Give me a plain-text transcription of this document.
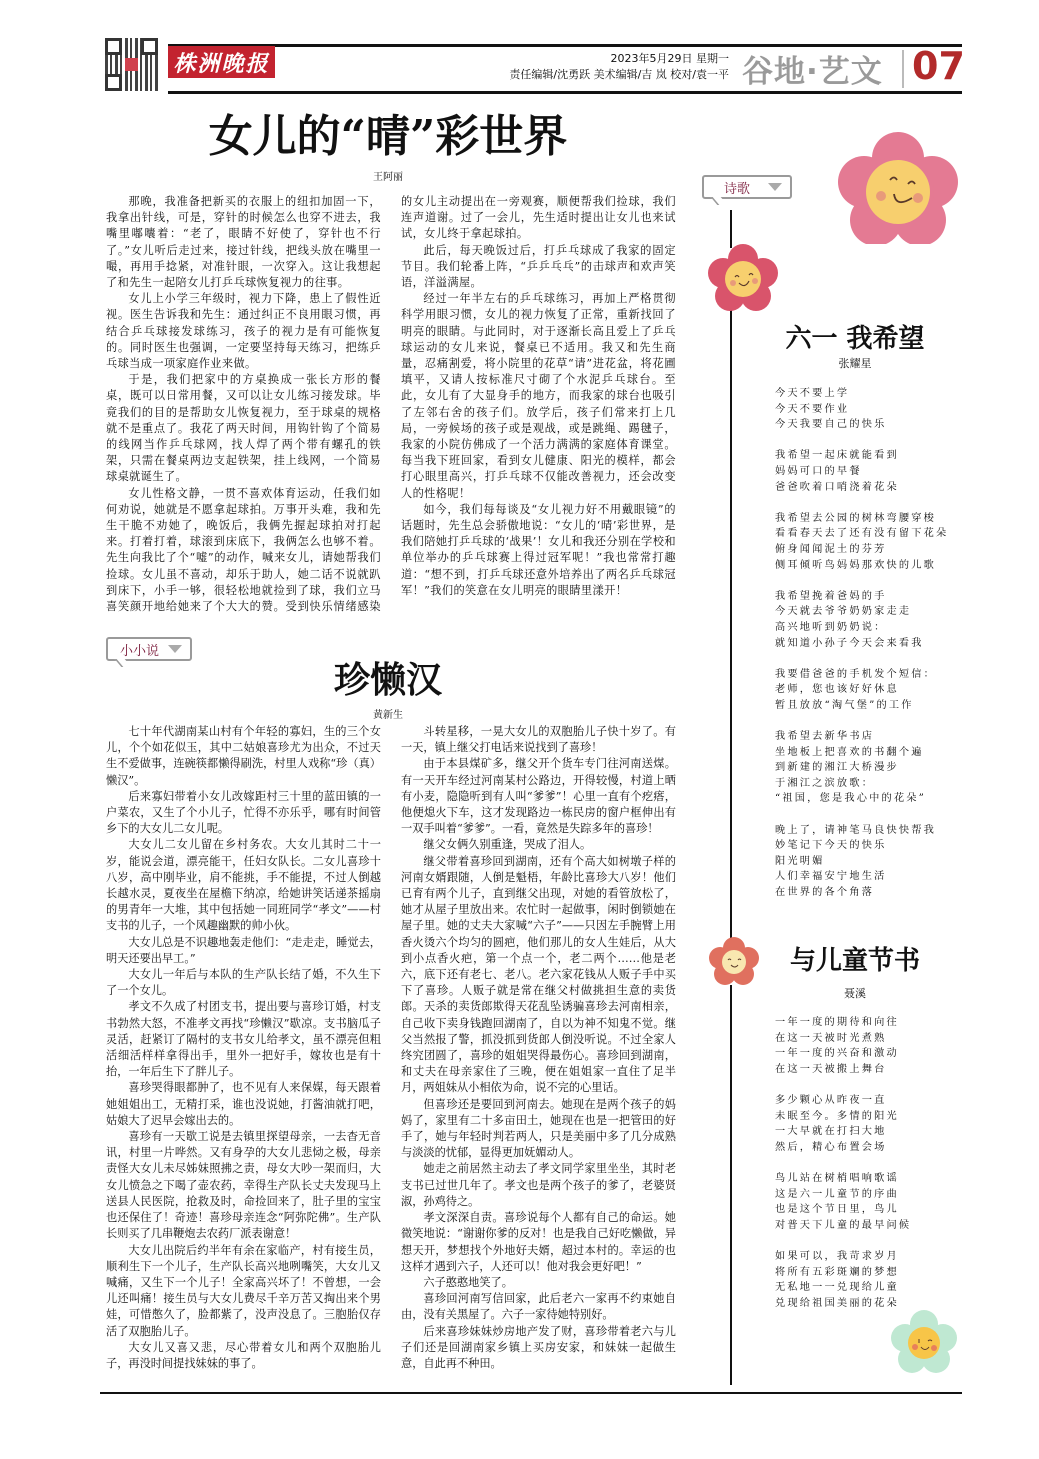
株洲晚报	2023年5月29日 星期一
责任编辑/沈勇跃 美术编辑/吉 岚 校对/袁一平 谷地·艺文 07
女儿的“晴”彩世界
王阿丽

那晚，我准备把新买的衣服上的纽扣加固一下，我拿出针线，可是，穿针的时候怎么也穿不进去，我嘴里嘟囔着：“老了，眼睛不好使了，穿针也不行了。”女儿听后走过来，接过针线，把线头放在嘴里一嘬，再用手捻紧，对准针眼，一次穿入。这让我想起了和先生一起陪女儿打乒乓球恢复视力的往事。

女儿上小学三年级时，视力下降，患上了假性近视。医生告诉我和先生：通过纠正不良用眼习惯，再结合乒乓球接发球练习，孩子的视力是有可能恢复的。同时医生也强调，一定要坚持每天练习，把练乒乓球当成一项家庭作业来做。

于是，我们把家中的方桌换成一张长方形的餐桌，既可以日常用餐，又可以让女儿练习接发球。毕竟我们的目的是帮助女儿恢复视力，至于球桌的规格就不是重点了。我花了两天时间，用钩针钩了个简易的线网当作乒乓球网，找人焊了两个带有螺孔的铁架，只需在餐桌两边支起铁架，挂上线网，一个简易球桌就诞生了。

女儿性格文静，一贯不喜欢体育运动，任我们如何劝说，她就是不愿拿起球拍。万事开头难，我和先生干脆不劝她了，晚饭后，我俩先握起球拍对打起来。打着打着，球滚到床底下，我俩怎么也够不着。先生向我比了个“嘘”的动作，喊来女儿，请她帮我们捡球。女儿虽不喜动，却乐于助人，她二话不说就趴到床下，小手一够，很轻松地就捡到了球，我们立马喜笑颜开地给她来了个大大的赞。受到快乐情绪感染的女儿主动提出在一旁观赛，顺便帮我们捡球，我们连声道谢。过了一会儿，先生适时提出让女儿也来试试，女儿终于拿起球拍。

此后，每天晚饭过后，打乒乓球成了我家的固定节目。我们轮番上阵，“乒乒乓乓”的击球声和欢声笑语，洋溢满屋。

经过一年半左右的乒乓球练习，再加上严格贯彻科学用眼习惯，女儿的视力恢复了正常，重新找回了明亮的眼睛。与此同时，对于逐渐长高且爱上了乒乓球运动的女儿来说，餐桌已不适用。我又和先生商量，忍痛割爱，将小院里的花草“请”进花盆，将花圃填平，又请人按标准尺寸砌了个水泥乒乓球台。至此，女儿有了大显身手的地方，而我家的球台也吸引了左邻右舍的孩子们。放学后，孩子们常来打上几局，一旁候场的孩子或是观战，或是跳绳、踢毽子，我家的小院仿佛成了一个活力满满的家庭体育课堂。每当我下班回家，看到女儿健康、阳光的模样，都会打心眼里高兴，打乒乓球不仅能改善视力，还会改变人的性格呢！

如今，我们每每谈及“女儿视力好不用戴眼镜”的话题时，先生总会骄傲地说：“女儿的‘晴’彩世界，是我们陪她打乒乓球的‘战果’！女儿和我还分别在学校和单位举办的乒乓球赛上得过冠军呢！”我也常常打趣道：“想不到，打乒乓球还意外培养出了两名乒乓球冠军！”我们的笑意在女儿明亮的眼睛里漾开！

小小说
珍懒汉
黄新生

七十年代湖南某山村有个年轻的寡妇，生的三个女儿，个个如花似玉，其中二姑娘喜珍尤为出众，不过天生不爱做事，连碗筷都懒得刷洗，村里人戏称“珍（真）懒汉”。

后来寡妇带着小女儿改嫁距村三十里的蓝田镇的一户菜农，又生了个小儿子，忙得不亦乐乎，哪有时间管乡下的大女儿二女儿呢。

大女儿二女儿留在乡村务农。大女儿其时二十一岁，能说会道，漂亮能干，任妇女队长。二女儿喜珍十八岁，高中刚毕业，肩不能挑，手不能提，不过人倒越长越水灵，夏夜坐在屋檐下纳凉，给她讲笑话递茶摇扇的男青年一大堆，其中包括她一同班同学“孝文”——村支书的儿子，一个风趣幽默的帅小伙。

大女儿总是不识趣地轰走他们：“走走走，睡觉去，明天还要出早工。”

大女儿一年后与本队的生产队长结了婚，不久生下了一个女儿。

孝文不久成了村团支书，提出要与喜珍订婚，村支书勃然大怒，不准孝文再找“珍懒汉”歇凉。支书脑瓜子灵活，赶紧订了隔村的支书女儿给孝文，虽不漂亮但粗活细活样样拿得出手，里外一把好手，嫁妆也是有十抬，一年后生下了胖儿子。

喜珍哭得眼都肿了，也不见有人来保媒，每天跟着她姐姐出工，无精打采，谁也没说她，打酱油就打吧，姑娘大了迟早会嫁出去的。

喜珍有一天歇工说是去镇里探望母亲，一去杳无音讯，村里一片哗然。又有身孕的大女儿悲恸之极，母亲责怪大女儿未尽姊妹照拂之责，母女大吵一架而归，大女儿愤急之下喝了壶农药，幸得生产队长丈夫发现马上送县人民医院，抢救及时，命捡回来了，肚子里的宝宝也还保住了！奇迹！喜珍母亲连念“阿弥陀佛”。生产队长则买了几串鞭炮去农药厂派表谢意！

大女儿出院后约半年有余在家临产，村有接生员，顺利生下一个儿子，生产队长高兴地咧嘴笑，大女儿又喊痛，又生下一个儿子！全家高兴坏了！不曾想，一会儿还叫痛！接生员与大女儿费尽千辛万苦又掏出来个男娃，可惜憋久了，脸都紫了，没声没息了。三胞胎仅存活了双胞胎儿子。

大女儿又喜又悲，尽心带着女儿和两个双胞胎儿子，再没时间提找妹妹的事了。

斗转星移，一晃大女儿的双胞胎儿子快十岁了。有一天，镇上继父打电话来说找到了喜珍！

由于本县煤矿多，继父开个货车专门往河南送煤。有一天开车经过河南某村公路边，开得较慢，村道上晒有小麦，隐隐听到有人叫“爹爹”！心里一直有个疙瘩，他便熄火下车，这才发现路边一栋民房的窗户框伸出有一双手叫着“爹爹”。一看，竟然是失踪多年的喜珍！

继父女俩久别重逢，哭成了泪人。

继父带着喜珍回到湖南，还有个高大如树墩子样的河南女婿跟随，人倒是魁梧，年龄比喜珍大八岁！他们已育有两个儿子，直到继父出现，对她的看管放松了，她才从屋子里放出来。农忙时一起做事，闲时倒锁她在屋子里。她的丈夫大家喊“六子”——只因左手腕臂上用香火烫六个均匀的圆疤，他们那儿的女人生娃后，从大到小点香火疤，第一个点一个，老二两个……他是老六，底下还有老七、老八。老六家花钱从人贩子手中买下了喜珍。人贩子就是常在继父村做挑担生意的卖货郎。天杀的卖货郎欺得天花乱坠诱骗喜珍去河南相亲，自己收下卖身钱跑回湖南了，自以为神不知鬼不觉。继父当然报了警，抓没抓到货郎人倒没听说。不过全家人终究团圆了，喜珍的姐姐哭得最伤心。喜珍回到湖南，和丈夫在母亲家住了三晚，便在姐姐家一直住了足半月，两姐妹从小相依为命，说不完的心里话。

但喜珍还是要回到河南去。她现在是两个孩子的妈妈了，家里有二十多亩田土，她现在也是一把管田的好手了，她与年轻时判若两人，只是美丽中多了几分成熟与淡淡的忧郁，显得更加妩媚动人。

她走之前居然主动去了孝文同学家里坐坐，其时老支书已过世几年了。孝文也是两个孩子的爹了，老婆贤淑，孙鸡待之。

孝文深深自责。喜珍说每个人都有自己的命运。她微笑地说：“谢谢你爹的反对！也是我自己好吃懒做，异想天开，梦想找个外地好夫婿，超过本村的。幸运的也这样才遇到六子，人还可以！他对我会更好吧！”

六子憨憨地笑了。

喜珍回河南写信回家，此后老六一家再不约束她自由，没有关黑屋了。六子一家待她特别好。

后来喜珍妹妹炒房地产发了财，喜珍带着老六与儿子们还是回湖南家乡镇上买房安家，和妹妹一起做生意，自此再不种田。

诗歌
六一 我希望
张耀星
今天不要上学
今天不要作业
今天我要自己的快乐
我希望一起床就能看到
妈妈可口的早餐
爸爸吹着口哨浇着花朵
我希望去公园的树林弯腰穿梭
看看春天去了还有没有留下花朵
俯身闻闻泥土的芬芳
侧耳倾听鸟妈妈那欢快的儿歌
我希望挽着爸妈的手
今天就去爷爷奶奶家走走
高兴地听到奶奶说：
就知道小孙子今天会来看我
我要借爸爸的手机发个短信：
老师，您也该好好休息
暂且放放“淘气堡”的工作
我希望去新华书店
坐地板上把喜欢的书翻个遍
到新建的湘江大桥漫步
于湘江之滨放歌：
“祖国，您是我心中的花朵”
晚上了，请神笔马良快快帮我
妙笔记下今天的快乐
阳光明媚
人们幸福安宁地生活
在世界的各个角落
与儿童节书
聂溪
一年一度的期待和向往
在这一天被时光煮熟
一年一度的兴奋和激动
在这一天被搬上舞台
多少颗心从昨夜一直
未眠至今。多情的阳光
一大早就在打扫大地
然后，精心布置会场
鸟儿站在树梢唱响歌谣
这是六一儿童节的序曲
也是这个节日里，鸟儿
对普天下儿童的最早问候
如果可以，我苛求岁月
将所有五彩斑斓的梦想
无私地一一兑现给儿童
兑现给祖国美丽的花朵
